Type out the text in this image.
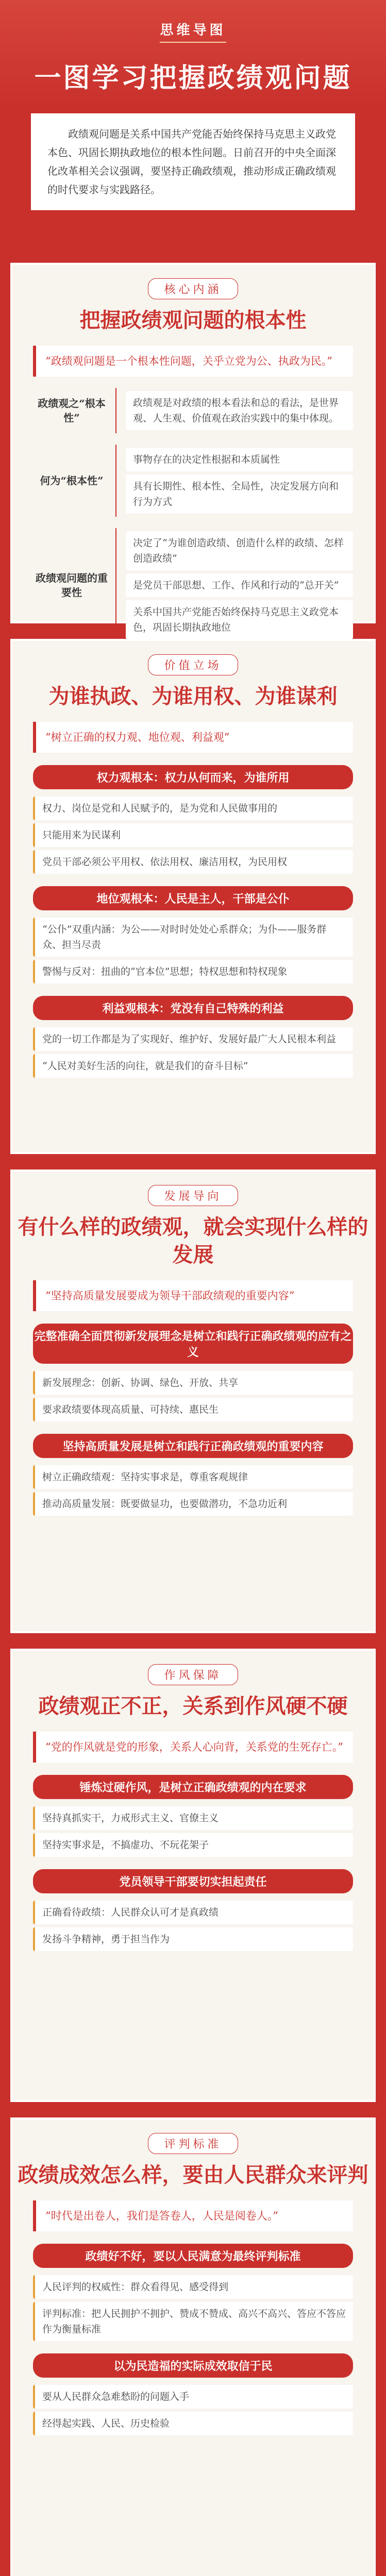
思维导图
一图学习把握政绩观问题
政绩观问题是关系中国共产党能否始终保持马克思主义政党本色、巩固长期执政地位的根本性问题。日前召开的中央全面深化改革相关会议强调，要坚持正确政绩观，推动形成正确政绩观的时代要求与实践路径。
核心内涵
把握政绩观问题的根本性
“政绩观问题是一个根本性问题，关乎立党为公、执政为民。”
政绩观之“根本性”
政绩观是对政绩的根本看法和总的看法，是世界观、人生观、价值观在政治实践中的集中体现。
何为“根本性”
事物存在的决定性根据和本质属性
具有长期性、根本性、全局性，决定发展方向和行为方式
政绩观问题的重要性
决定了“为谁创造政绩、创造什么样的政绩、怎样创造政绩”
是党员干部思想、工作、作风和行动的“总开关”
关系中国共产党能否始终保持马克思主义政党本色，巩固长期执政地位
价值立场
为谁执政、为谁用权、为谁谋利
“树立正确的权力观、地位观、利益观”
权力观根本：权力从何而来，为谁所用
权力、岗位是党和人民赋予的，是为党和人民做事用的
只能用来为民谋利
党员干部必须公平用权、依法用权、廉洁用权，为民用权
地位观根本：人民是主人，干部是公仆
“公仆”双重内涵：为公——对时时处处心系群众；为仆——服务群众、担当尽责
警惕与反对：扭曲的“官本位”思想；特权思想和特权现象
利益观根本：党没有自己特殊的利益
党的一切工作都是为了实现好、维护好、发展好最广大人民根本利益
“人民对美好生活的向往，就是我们的奋斗目标”
发展导向
有什么样的政绩观，就会实现什么样的发展
“坚持高质量发展要成为领导干部政绩观的重要内容”
完整准确全面贯彻新发展理念是树立和践行正确政绩观的应有之义
新发展理念：创新、协调、绿色、开放、共享
要求政绩要体现高质量、可持续、惠民生
坚持高质量发展是树立和践行正确政绩观的重要内容
树立正确政绩观：坚持实事求是，尊重客观规律
推动高质量发展：既要做显功，也要做潜功，不急功近利
作风保障
政绩观正不正，关系到作风硬不硬
“党的作风就是党的形象，关系人心向背，关系党的生死存亡。”
锤炼过硬作风，是树立正确政绩观的内在要求
坚持真抓实干，力戒形式主义、官僚主义
坚持实事求是，不搞虚功、不玩花架子
党员领导干部要切实担起责任
正确看待政绩：人民群众认可才是真政绩
发扬斗争精神，勇于担当作为
评判标准
政绩成效怎么样，要由人民群众来评判
“时代是出卷人，我们是答卷人，人民是阅卷人。”
政绩好不好，要以人民满意为最终评判标准
人民评判的权威性：群众看得见、感受得到
评判标准：把人民拥护不拥护、赞成不赞成、高兴不高兴、答应不答应作为衡量标准
以为民造福的实际成效取信于民
要从人民群众急难愁盼的问题入手
经得起实践、人民、历史检验
